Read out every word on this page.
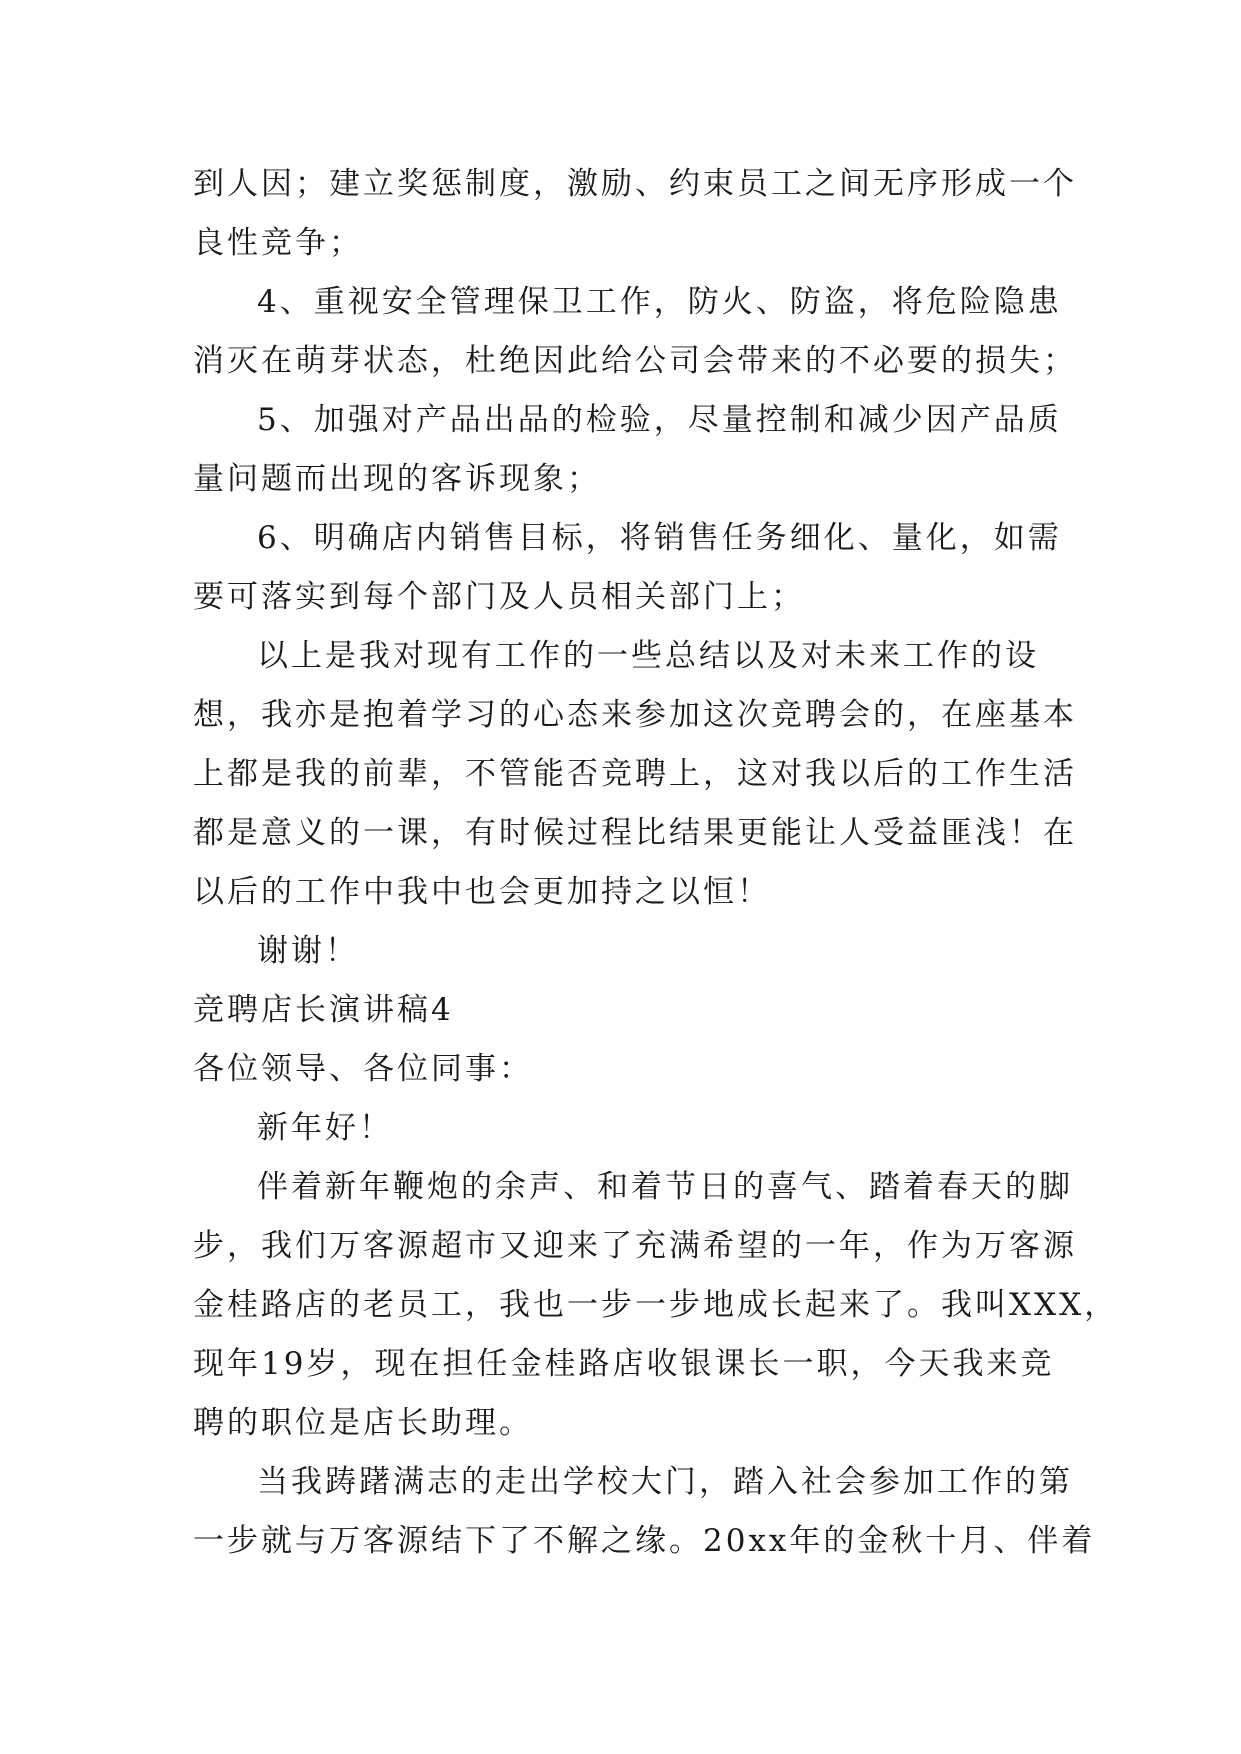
到人因；建立奖惩制度，激励、约束员工之间无序形成一个
良性竞争；
4、重视安全管理保卫工作，防火、防盗，将危险隐患
消灭在萌芽状态，杜绝因此给公司会带来的不必要的损失；
5、加强对产品出品的检验，尽量控制和减少因产品质
量问题而出现的客诉现象；
6、明确店内销售目标，将销售任务细化、量化，如需
要可落实到每个部门及人员相关部门上；
以上是我对现有工作的一些总结以及对未来工作的设
想，我亦是抱着学习的心态来参加这次竞聘会的，在座基本
上都是我的前辈，不管能否竞聘上，这对我以后的工作生活
都是意义的一课，有时候过程比结果更能让人受益匪浅！在
以后的工作中我中也会更加持之以恒！
谢谢！
竞聘店长演讲稿4
各位领导、各位同事：
新年好！
伴着新年鞭炮的余声、和着节日的喜气、踏着春天的脚
步，我们万客源超市又迎来了充满希望的一年，作为万客源
金桂路店的老员工，我也一步一步地成长起来了。我叫XXX，
现年19岁，现在担任金桂路店收银课长一职，今天我来竞
聘的职位是店长助理。
当我踌躇满志的走出学校大门，踏入社会参加工作的第
一步就与万客源结下了不解之缘。20xx年的金秋十月、伴着
